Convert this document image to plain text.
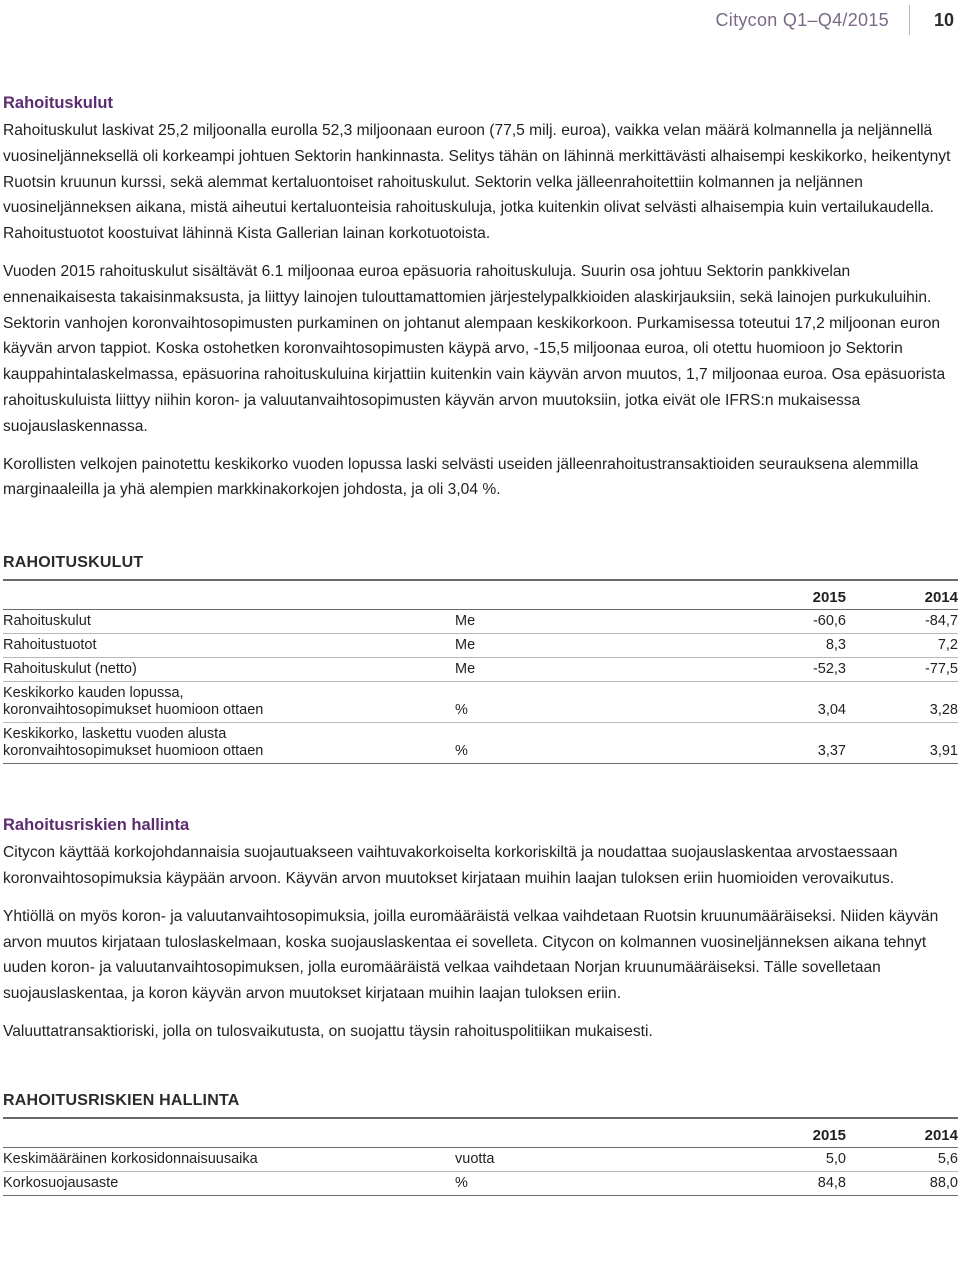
Citycon Q1–Q4/2015	10
Rahoituskulut

Rahoituskulut laskivat 25,2 miljoonalla eurolla 52,3 miljoonaan euroon (77,5 milj. euroa), vaikka velan määrä kolmannella ja neljännellä vuosineljänneksellä oli korkeampi johtuen Sektorin hankinnasta. Selitys tähän on lähinnä merkittävästi alhaisempi keskikorko, heikentynyt Ruotsin kruunun kurssi, sekä alemmat kertaluontoiset rahoituskulut. Sektorin velka jälleenrahoitettiin kolmannen ja neljännen vuosineljänneksen aikana, mistä aiheutui kertaluonteisia rahoituskuluja, jotka kuitenkin olivat selvästi alhaisempia kuin vertailukaudella. Rahoitustuotot koostuivat lähinnä Kista Gallerian lainan korkotuotoista.

Vuoden 2015 rahoituskulut sisältävät 6.1 miljoonaa euroa epäsuoria rahoituskuluja. Suurin osa johtuu Sektorin pankkivelan ennenaikaisesta takaisinmaksusta, ja liittyy lainojen tulouttamattomien järjestelypalkkioiden alaskirjauksiin, sekä lainojen purkukuluihin. Sektorin vanhojen koronvaihtosopimusten purkaminen on johtanut alempaan keskikorkoon. Purkamisessa toteutui 17,2 miljoonan euron käyvän arvon tappiot. Koska ostohetken koronvaihtosopimusten käypä arvo, -15,5 miljoonaa euroa, oli otettu huomioon jo Sektorin kauppahintalaskelmassa, epäsuorina rahoituskuluina kirjattiin kuitenkin vain käyvän arvon muutos, 1,7 miljoonaa euroa. Osa epäsuorista rahoituskuluista liittyy niihin koron- ja valuutanvaihtosopimusten käyvän arvon muutoksiin, jotka eivät ole IFRS:n mukaisessa suojauslaskennassa.

Korollisten velkojen painotettu keskikorko vuoden lopussa laski selvästi useiden jälleenrahoitustransaktioiden seurauksena alemmilla marginaaleilla ja yhä alempien markkinakorkojen johdosta, ja oli 3,04 %.

RAHOITUSKULUT
		2015	2014
Rahoituskulut	Me	-60,6	-84,7
Rahoitustuotot	Me	8,3	7,2
Rahoituskulut (netto)	Me	-52,3	-77,5

Keskikorko kauden lopussa,
koronvaihtosopimukset huomioon ottaen	%	3,04	3,28

Keskikorko, laskettu vuoden alusta
koronvaihtosopimukset huomioon ottaen	%	3,37	3,91
Rahoitusriskien hallinta

Citycon käyttää korkojohdannaisia suojautuakseen vaihtuvakorkoiselta korkoriskiltä ja noudattaa suojauslaskentaa arvostaessaan koronvaihtosopimuksia käypään arvoon. Käyvän arvon muutokset kirjataan muihin laajan tuloksen eriin huomioiden verovaikutus.

Yhtiöllä on myös koron- ja valuutanvaihtosopimuksia, joilla euromääräistä velkaa vaihdetaan Ruotsin kruunumääräiseksi. Niiden käyvän arvon muutos kirjataan tuloslaskelmaan, koska suojauslaskentaa ei sovelleta. Citycon on kolmannen vuosineljänneksen aikana tehnyt uuden koron- ja valuutanvaihtosopimuksen, jolla euromääräistä velkaa vaihdetaan Norjan kruunumääräiseksi. Tälle sovelletaan suojauslaskentaa, ja koron käyvän arvon muutokset kirjataan muihin laajan tuloksen eriin.

Valuuttatransaktioriski, jolla on tulosvaikutusta, on suojattu täysin rahoituspolitiikan mukaisesti.

RAHOITUSRISKIEN HALLINTA
		2015	2014
Keskimääräinen korkosidonnaisuusaika	vuotta	5,0	5,6
Korkosuojausaste	%	84,8	88,0
